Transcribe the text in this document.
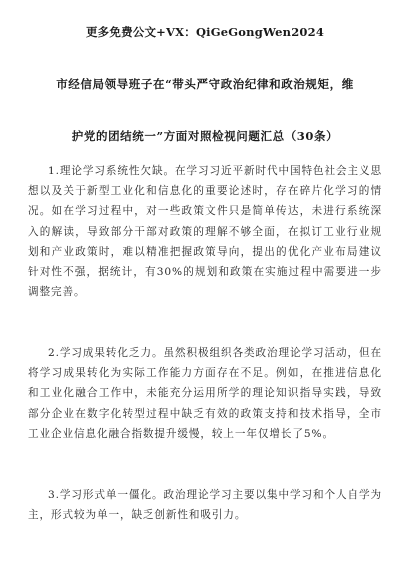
更多免费公文+VX：QiGeGongWen2024
市经信局领导班子在“带头严守政治纪律和政治规矩，维
护党的团结统一”方面对照检视问题汇总（30条）

1.理论学习系统性欠缺。在学习习近平新时代中国特色社会主义思想以及关于新型工业化和信息化的重要论述时，存在碎片化学习的情况。如在学习过程中，对一些政策文件只是简单传达，未进行系统深入的解读，导致部分干部对政策的理解不够全面，在拟订工业行业规划和产业政策时，难以精准把握政策导向，提出的优化产业布局建议针对性不强，据统计，有30%的规划和政策在实施过程中需要进一步调整完善。

2.学习成果转化乏力。虽然积极组织各类政治理论学习活动，但在将学习成果转化为实际工作能力方面存在不足。例如，在推进信息化和工业化融合工作中，未能充分运用所学的理论知识指导实践，导致部分企业在数字化转型过程中缺乏有效的政策支持和技术指导，全市工业企业信息化融合指数提升缓慢，较上一年仅增长了5%。

3.学习形式单一僵化。政治理论学习主要以集中学习和个人自学为主，形式较为单一，缺乏创新性和吸引力。
